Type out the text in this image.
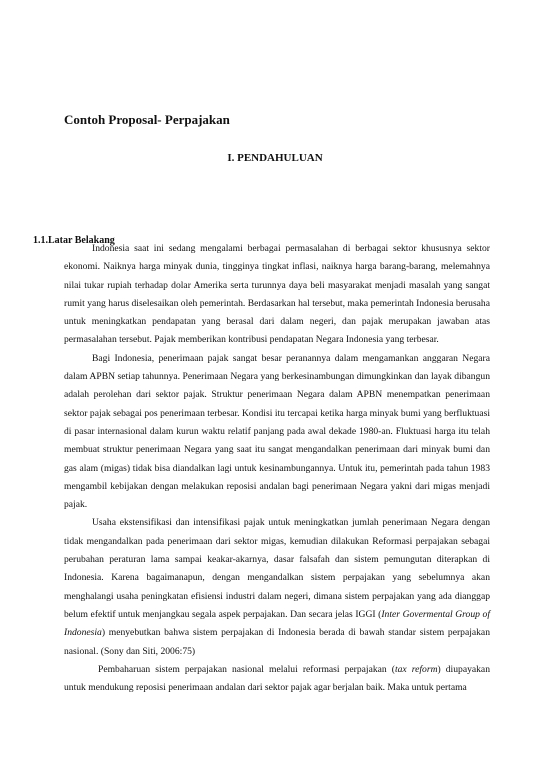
Contoh Proposal- Perpajakan
I. PENDAHULUAN
1.1.Latar Belakang

Indonesia saat ini sedang mengalami berbagai permasalahan di berbagai sektor khususnya sektor ekonomi. Naiknya harga minyak dunia, tingginya tingkat inflasi, naiknya harga barang-barang, melemahnya nilai tukar rupiah terhadap dolar Amerika serta turunnya daya beli masyarakat menjadi masalah yang sangat rumit yang harus diselesaikan oleh pemerintah. Berdasarkan hal tersebut, maka pemerintah Indonesia berusaha untuk meningkatkan pendapatan yang berasal dari dalam negeri, dan pajak merupakan jawaban atas permasalahan tersebut. Pajak memberikan kontribusi pendapatan Negara Indonesia yang terbesar.

Bagi Indonesia, penerimaan pajak sangat besar peranannya dalam mengamankan anggaran Negara dalam APBN setiap tahunnya. Penerimaan Negara yang berkesinambungan dimungkinkan dan layak dibangun adalah perolehan dari sektor pajak. Struktur penerimaan Negara dalam APBN menempatkan penerimaan sektor pajak sebagai pos penerimaan terbesar. Kondisi itu tercapai ketika harga minyak bumi yang berfluktuasi di pasar internasional dalam kurun waktu relatif panjang pada awal dekade 1980-an. Fluktuasi harga itu telah membuat struktur penerimaan Negara yang saat itu sangat mengandalkan penerimaan dari minyak bumi dan gas alam (migas) tidak bisa diandalkan lagi untuk kesinambungannya. Untuk itu, pemerintah pada tahun 1983 mengambil kebijakan dengan melakukan reposisi andalan bagi penerimaan Negara yakni dari migas menjadi pajak.

Usaha ekstensifikasi dan intensifikasi pajak untuk meningkatkan jumlah penerimaan Negara dengan tidak mengandalkan pada penerimaan dari sektor migas, kemudian dilakukan Reformasi perpajakan sebagai perubahan peraturan lama sampai keakar-akarnya, dasar falsafah dan sistem pemungutan diterapkan di Indonesia. Karena bagaimanapun, dengan mengandalkan sistem perpajakan yang sebelumnya akan menghalangi usaha peningkatan efisiensi industri dalam negeri, dimana sistem perpajakan yang ada dianggap belum efektif untuk menjangkau segala aspek perpajakan. Dan secara jelas IGGI (Inter Govermental Group of Indonesia) menyebutkan bahwa sistem perpajakan di Indonesia berada di bawah standar sistem perpajakan nasional. (Sony dan Siti, 2006:75)

Pembaharuan sistem perpajakan nasional melalui reformasi perpajakan (tax reform) diupayakan untuk mendukung reposisi penerimaan andalan dari sektor pajak agar berjalan baik. Maka untuk pertama
